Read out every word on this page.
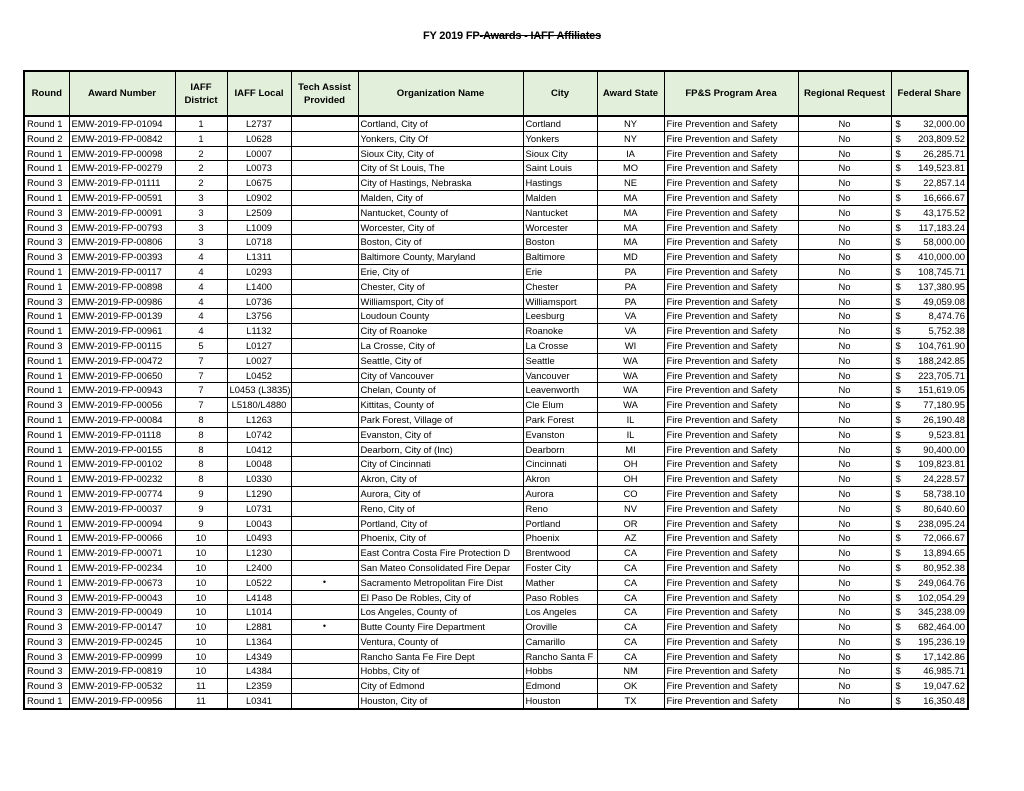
FY 2019 FP-Awards - IAFF Affiliates
Round	Award Number	IAFF District	IAFF Local	Tech Assist Provided	Organization Name	City	Award State	FP&S Program Area	Regional Request	Federal Share
Round 1	EMW-2019-FP-01094	1	L2737		Cortland, City of	Cortland	NY	Fire Prevention and Safety	No	$ 32,000.00
Round 2	EMW-2019-FP-00842	1	L0628		Yonkers, City Of	Yonkers	NY	Fire Prevention and Safety	No	$ 203,809.52
Round 1	EMW-2019-FP-00098	2	L0007		Sioux City, City of	Sioux City	IA	Fire Prevention and Safety	No	$ 26,285.71
Round 1	EMW-2019-FP-00279	2	L0073		City of St Louis, The	Saint Louis	MO	Fire Prevention and Safety	No	$ 149,523.81
Round 3	EMW-2019-FP-01111	2	L0675		City of Hastings, Nebraska	Hastings	NE	Fire Prevention and Safety	No	$ 22,857.14
Round 1	EMW-2019-FP-00591	3	L0902		Malden, City of	Malden	MA	Fire Prevention and Safety	No	$ 16,666.67
Round 3	EMW-2019-FP-00091	3	L2509		Nantucket, County of	Nantucket	MA	Fire Prevention and Safety	No	$ 43,175.52
Round 3	EMW-2019-FP-00793	3	L1009		Worcester, City of	Worcester	MA	Fire Prevention and Safety	No	$ 117,183.24
Round 3	EMW-2019-FP-00806	3	L0718		Boston, City of	Boston	MA	Fire Prevention and Safety	No	$ 58,000.00
Round 3	EMW-2019-FP-00393	4	L1311		Baltimore County, Maryland	Baltimore	MD	Fire Prevention and Safety	No	$ 410,000.00
Round 1	EMW-2019-FP-00117	4	L0293		Erie, City of	Erie	PA	Fire Prevention and Safety	No	$ 108,745.71
Round 1	EMW-2019-FP-00898	4	L1400		Chester, City of	Chester	PA	Fire Prevention and Safety	No	$ 137,380.95
Round 3	EMW-2019-FP-00986	4	L0736		Williamsport, City of	Williamsport	PA	Fire Prevention and Safety	No	$ 49,059.08
Round 1	EMW-2019-FP-00139	4	L3756		Loudoun County	Leesburg	VA	Fire Prevention and Safety	No	$ 8,474.76
Round 1	EMW-2019-FP-00961	4	L1132		City of Roanoke	Roanoke	VA	Fire Prevention and Safety	No	$ 5,752.38
Round 3	EMW-2019-FP-00115	5	L0127		La Crosse, City of	La Crosse	WI	Fire Prevention and Safety	No	$ 104,761.90
Round 1	EMW-2019-FP-00472	7	L0027		Seattle, City of	Seattle	WA	Fire Prevention and Safety	No	$ 188,242.85
Round 1	EMW-2019-FP-00650	7	L0452		City of Vancouver	Vancouver	WA	Fire Prevention and Safety	No	$ 223,705.71
Round 1	EMW-2019-FP-00943	7	L0453 (L3835)		Chelan, County of	Leavenworth	WA	Fire Prevention and Safety	No	$ 151,619.05
Round 3	EMW-2019-FP-00056	7	L5180/L4880		Kittitas, County of	Cle Elum	WA	Fire Prevention and Safety	No	$ 77,180.95
Round 1	EMW-2019-FP-00084	8	L1263		Park Forest, Village of	Park Forest	IL	Fire Prevention and Safety	No	$ 26,190.48
Round 1	EMW-2019-FP-01118	8	L0742		Evanston, City of	Evanston	IL	Fire Prevention and Safety	No	$ 9,523.81
Round 1	EMW-2019-FP-00155	8	L0412		Dearborn, City of (Inc)	Dearborn	MI	Fire Prevention and Safety	No	$ 90,400.00
Round 1	EMW-2019-FP-00102	8	L0048		City of Cincinnati	Cincinnati	OH	Fire Prevention and Safety	No	$ 109,823.81
Round 1	EMW-2019-FP-00232	8	L0330		Akron, City of	Akron	OH	Fire Prevention and Safety	No	$ 24,228.57
Round 1	EMW-2019-FP-00774	9	L1290		Aurora, City of	Aurora	CO	Fire Prevention and Safety	No	$ 58,738.10
Round 3	EMW-2019-FP-00037	9	L0731		Reno, City of	Reno	NV	Fire Prevention and Safety	No	$ 80,640.60
Round 1	EMW-2019-FP-00094	9	L0043		Portland, City of	Portland	OR	Fire Prevention and Safety	No	$ 238,095.24
Round 1	EMW-2019-FP-00066	10	L0493		Phoenix, City of	Phoenix	AZ	Fire Prevention and Safety	No	$ 72,066.67
Round 1	EMW-2019-FP-00071	10	L1230		East Contra Costa Fire Protection D	Brentwood	CA	Fire Prevention and Safety	No	$ 13,894.65
Round 1	EMW-2019-FP-00234	10	L2400		San Mateo Consolidated Fire Depar	Foster City	CA	Fire Prevention and Safety	No	$ 80,952.38
Round 1	EMW-2019-FP-00673	10	L0522	•	Sacramento Metropolitan Fire Dist	Mather	CA	Fire Prevention and Safety	No	$ 249,064.76
Round 3	EMW-2019-FP-00043	10	L4148		El Paso De Robles, City of	Paso Robles	CA	Fire Prevention and Safety	No	$ 102,054.29
Round 3	EMW-2019-FP-00049	10	L1014		Los Angeles, County of	Los Angeles	CA	Fire Prevention and Safety	No	$ 345,238.09
Round 3	EMW-2019-FP-00147	10	L2881	•	Butte County Fire Department	Oroville	CA	Fire Prevention and Safety	No	$ 682,464.00
Round 3	EMW-2019-FP-00245	10	L1364		Ventura, County of	Camarillo	CA	Fire Prevention and Safety	No	$ 195,236.19
Round 3	EMW-2019-FP-00999	10	L4349		Rancho Santa Fe Fire Dept	Rancho Santa F	CA	Fire Prevention and Safety	No	$ 17,142.86
Round 3	EMW-2019-FP-00819	10	L4384		Hobbs, City of	Hobbs	NM	Fire Prevention and Safety	No	$ 46,985.71
Round 3	EMW-2019-FP-00532	11	L2359		City of Edmond	Edmond	OK	Fire Prevention and Safety	No	$ 19,047.62
Round 1	EMW-2019-FP-00956	11	L0341		Houston, City of	Houston	TX	Fire Prevention and Safety	No	$ 16,350.48
